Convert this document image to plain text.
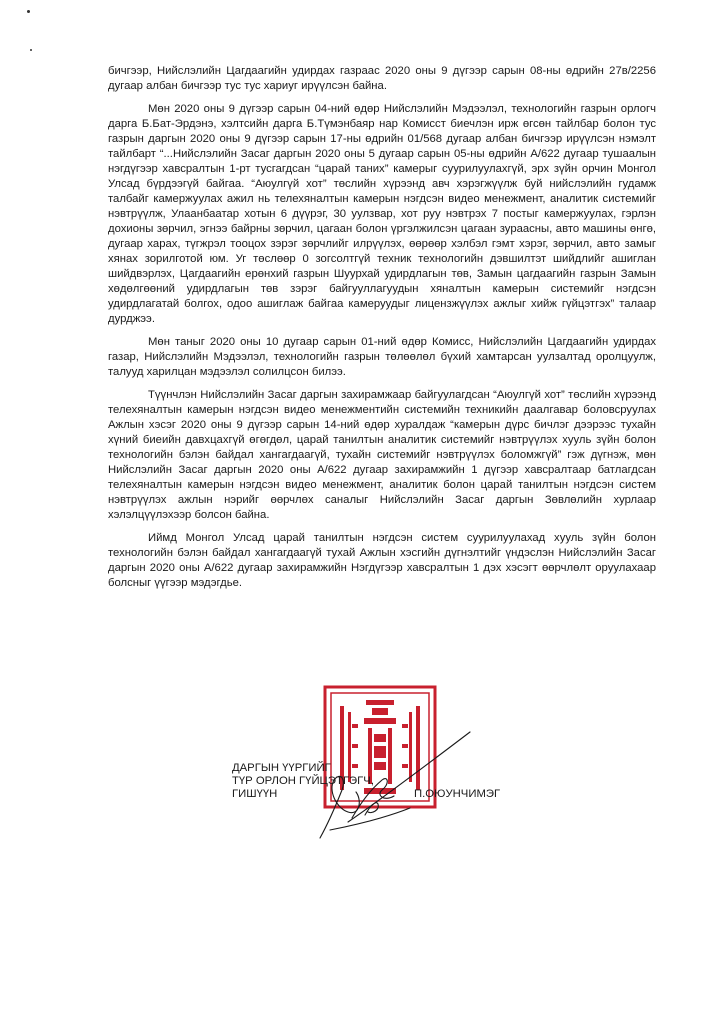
бичгээр, Нийслэлийн Цагдаагийн удирдах газраас 2020 оны 9 дүгээр сарын 08-ны өдрийн 27в/2256 дугаар албан бичгээр тус тус хариуг ирүүлсэн байна.

Мөн 2020 оны 9 дүгээр сарын 04-ний өдөр Нийслэлийн Мэдээлэл, технологийн газрын орлогч дарга Б.Бат-Эрдэнэ, хэлтсийн дарга Б.Түмэнбаяр нар Комисст биечлэн ирж өгсөн тайлбар болон тус газрын даргын 2020 оны 9 дүгээр сарын 17-ны өдрийн 01/568 дугаар албан бичгээр ирүүлсэн нэмэлт тайлбарт “...Нийслэлийн Засаг даргын 2020 оны 5 дугаар сарын 05-ны өдрийн А/622 дугаар тушаалын нэгдүгээр хавсралтын 1-рт тусгагдсан “царай таних” камерыг суурилуулахгүй, эрх зүйн орчин Монгол Улсад бүрдээгүй байгаа. “Аюулгүй хот” төслийн хүрээнд авч хэрэгжүүлж буй нийслэлийн гудамж талбайг камержуулах ажил нь телехяналтын камерын нэгдсэн видео менежмент, аналитик системийг нэвтрүүлж, Улаанбаатар хотын 6 дүүрэг, 30 уулзвар, хот руу нэвтрэх 7 постыг камержуулах, гэрлэн дохионы зөрчил, эгнээ байрны зөрчил, цагаан болон үргэлжилсэн цагаан зураасны, авто машины өнгө, дугаар харах, түгжрэл тооцох зэрэг зөрчлийг илрүүлэх, өөрөөр хэлбэл гэмт хэрэг, зөрчил, авто замыг хянах зорилготой юм. Уг төслөөр 0 зогсолтгүй техник технологийн дэвшилтэт шийдлийг ашиглан шийдвэрлэх, Цагдаагийн ерөнхий газрын Шуурхай удирдлагын төв, Замын цагдаагийн газрын Замын хөдөлгөөний удирдлагын төв зэрэг байгууллагуудын хяналтын камерын системийг нэгдсэн удирдлагатай болгох, одоо ашиглаж байгаа камеруудыг лицензжүүлэх ажлыг хийж гүйцэтгэх” талаар дурджээ.

Мөн таныг 2020 оны 10 дугаар сарын 01-ний өдөр Комисс, Нийслэлийн Цагдаагийн удирдах газар, Нийслэлийн Мэдээлэл, технологийн газрын төлөөлөл бүхий хамтарсан уулзалтад оролцуулж, талууд харилцан мэдээлэл солилцсон билээ.

Түүнчлэн Нийслэлийн Засаг даргын захирамжаар байгуулагдсан “Аюулгүй хот” төслийн хүрээнд телехяналтын камерын нэгдсэн видео менежментийн системийн техникийн даалгавар боловсруулах Ажлын хэсэг 2020 оны 9 дүгээр сарын 14-ний өдөр хуралдаж “камерын дүрс бичлэг дээрээс тухайн хүний биеийн давхцахгүй өгөгдөл, царай танилтын аналитик системийг нэвтрүүлэх хууль зүйн болон технологийн бэлэн байдал хангагдаагүй, тухайн системийг нэвтрүүлэх боломжгүй” гэж дүгнэж, мөн Нийслэлийн Засаг даргын 2020 оны А/622 дугаар захирамжийн 1 дүгээр хавсралтаар батлагдсан телехяналтын камерын нэгдсэн видео менежмент, аналитик болон царай танилтын нэгдсэн систем нэвтрүүлэх ажлын нэрийг өөрчлөх саналыг Нийслэлийн Засаг даргын Зөвлөлийн хурлаар хэлэлцүүлэхээр болсон байна.

Иймд Монгол Улсад царай танилтын нэгдсэн систем суурилуулахад хууль зүйн болон технологийн бэлэн байдал хангагдаагүй тухай Ажлын хэсгийн дүгнэлтийг үндэслэн Нийслэлийн Засаг даргын 2020 оны А/622 дугаар захирамжийн Нэгдүгээр хавсралтын 1 дэх хэсэгт өөрчлөлт оруулахаар болсныг үүгээр мэдэгдье.

ДАРГЫН ҮҮРГИЙГ
ТҮР ОРЛОН ГҮЙЦЭТГЭГЧ,
ГИШҮҮН	П.ОЮУНЧИМЭГ
